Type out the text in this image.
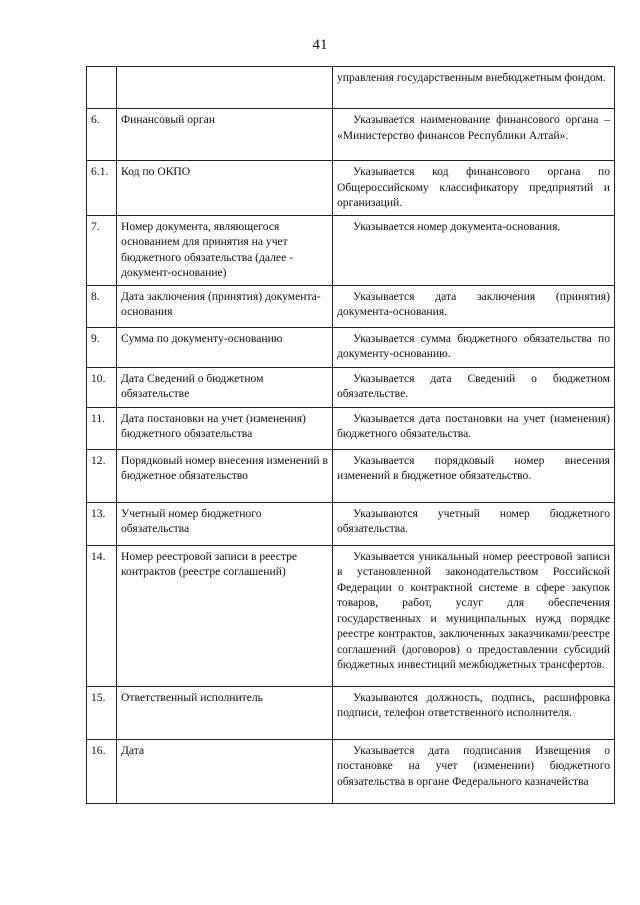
41
		управления государственным внебюджетным фондом.
6.	Финансовый орган	Указывается наименование финансового органа – «Министерство финансов Республики Алтай».
6.1.	Код по ОКПО	Указывается код финансового органа по Общероссийскому классификатору предприятий и организаций.
7.	Номер документа, являющегося основанием для принятия на учет бюджетного обязательства (далее - документ-основание)	Указывается номер документа-основания.
8.	Дата заключения (принятия) документа-основания	Указывается дата заключения (принятия) документа-основания.
9.	Сумма по документу-основанию	Указывается сумма бюджетного обязательства по документу-основанию.
10.	Дата Сведений о бюджетном обязательстве	Указывается дата Сведений о бюджетном обязательстве.
11.	Дата постановки на учет (изменения) бюджетного обязательства	Указывается дата постановки на учет (изменения) бюджетного обязательства.
12.	Порядковый номер внесения изменений в бюджетное обязательство	Указывается порядковый номер внесения изменений в бюджетное обязательство.
13.	Учетный номер бюджетного обязательства	Указываются учетный номер бюджетного обязательства.
14.	Номер реестровой записи в реестре контрактов (реестре соглашений)	Указывается уникальный номер реестровой записи в установленной законодательством Российской Федерации о контрактной системе в сфере закупок товаров, работ, услуг для обеспечения государственных и муниципальных нужд порядке реестре контрактов, заключенных заказчиками/реестре соглашений (договоров) о предоставлении субсидий бюджетных инвестиций межбюджетных трансфертов.
15.	Ответственный исполнитель	Указываются должность, подпись, расшифровка подписи, телефон ответственного исполнителя.
16.	Дата	Указывается дата подписания Извещения о постановке на учет (изменении) бюджетного обязательства в органе Федерального казначейства
